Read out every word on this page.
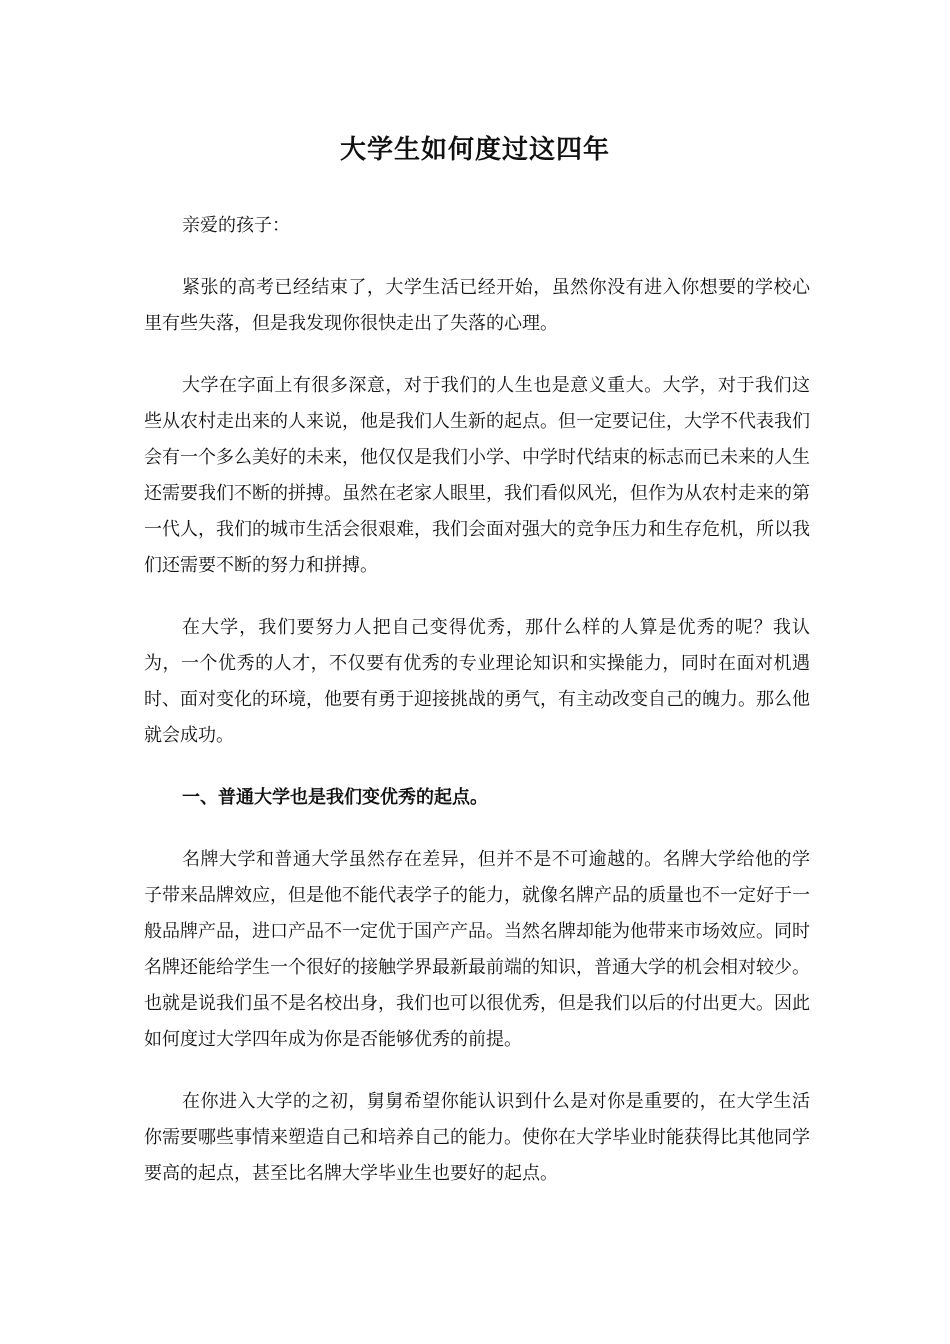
大学生如何度过这四年

亲爱的孩子：

紧张的高考已经结束了，大学生活已经开始，虽然你没有进入你想要的学校心里有些失落，但是我发现你很快走出了失落的心理。

大学在字面上有很多深意，对于我们的人生也是意义重大。大学，对于我们这些从农村走出来的人来说，他是我们人生新的起点。但一定要记住，大学不代表我们会有一个多么美好的未来，他仅仅是我们小学、中学时代结束的标志而已未来的人生还需要我们不断的拼搏。虽然在老家人眼里，我们看似风光，但作为从农村走来的第一代人，我们的城市生活会很艰难，我们会面对强大的竞争压力和生存危机，所以我们还需要不断的努力和拼搏。

在大学，我们要努力人把自己变得优秀，那什么样的人算是优秀的呢？我认为，一个优秀的人才，不仅要有优秀的专业理论知识和实操能力，同时在面对机遇时、面对变化的环境，他要有勇于迎接挑战的勇气，有主动改变自己的魄力。那么他就会成功。

一、普通大学也是我们变优秀的起点。

名牌大学和普通大学虽然存在差异，但并不是不可逾越的。名牌大学给他的学子带来品牌效应，但是他不能代表学子的能力，就像名牌产品的质量也不一定好于一般品牌产品，进口产品不一定优于国产产品。当然名牌却能为他带来市场效应。同时名牌还能给学生一个很好的接触学界最新最前端的知识，普通大学的机会相对较少。也就是说我们虽不是名校出身，我们也可以很优秀，但是我们以后的付出更大。因此如何度过大学四年成为你是否能够优秀的前提。

在你进入大学的之初，舅舅希望你能认识到什么是对你是重要的，在大学生活你需要哪些事情来塑造自己和培养自己的能力。使你在大学毕业时能获得比其他同学要高的起点，甚至比名牌大学毕业生也要好的起点。
